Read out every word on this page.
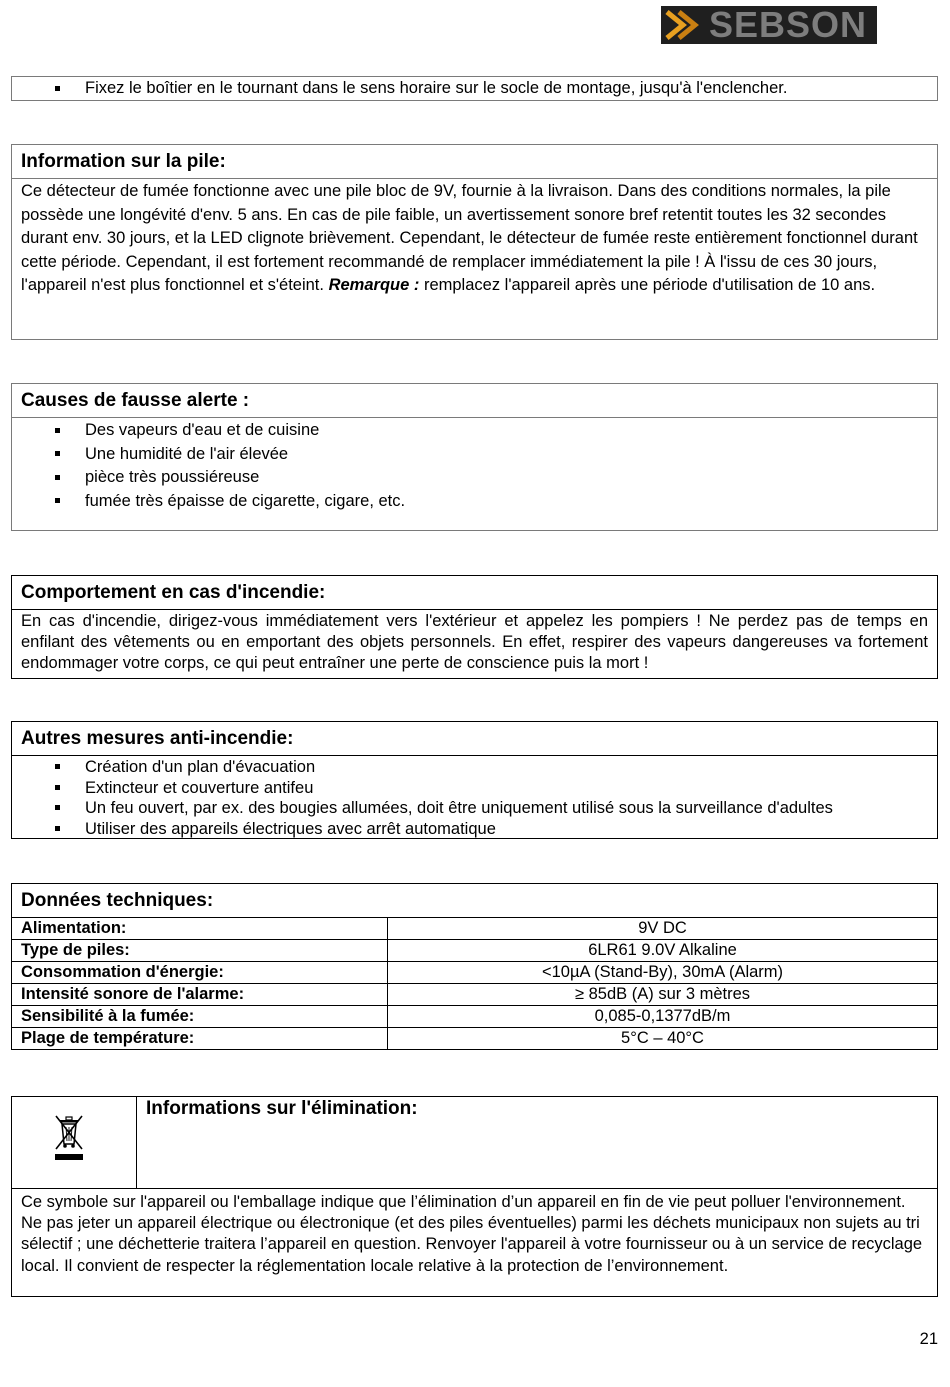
SEBSON
Fixez le boîtier en le tournant dans le sens horaire sur le socle de montage, jusqu'à l'enclencher.
Information sur la pile:
Ce détecteur de fumée fonctionne avec une pile bloc de 9V, fournie à la livraison. Dans des conditions normales, la pile possède une longévité d'env. 5 ans. En cas de pile faible, un avertissement sonore bref retentit toutes les 32 secondes durant env. 30 jours, et la LED clignote brièvement. Cependant, le détecteur de fumée reste entièrement fonctionnel durant cette période. Cependant, il est fortement recommandé de remplacer immédiatement la pile ! À l'issu de ces 30 jours, l'appareil n'est plus fonctionnel et s'éteint. Remarque : remplacez l'appareil après une période d'utilisation de 10 ans.
Causes de fausse alerte :
Des vapeurs d'eau et de cuisine
Une humidité de l'air élevée
pièce très poussiéreuse
fumée très épaisse de cigarette, cigare, etc.
Comportement en cas d'incendie:
En cas d'incendie, dirigez-vous immédiatement vers l'extérieur et appelez les pompiers ! Ne perdez pas de temps en enfilant des vêtements ou en emportant des objets personnels. En effet, respirer des vapeurs dangereuses va fortement endommager votre corps, ce qui peut entraîner une perte de conscience puis la mort !
Autres mesures anti-incendie:
Création d'un plan d'évacuation
Extincteur et couverture antifeu
Un feu ouvert, par ex. des bougies allumées, doit être uniquement utilisé sous la surveillance d'adultes
Utiliser des appareils électriques avec arrêt automatique
Données techniques:
Alimentation:	9V DC
Type de piles:	6LR61 9.0V Alkaline
Consommation d'énergie:	<10µA (Stand-By), 30mA (Alarm)
Intensité sonore de l'alarme:	≥ 85dB (A) sur 3 mètres
Sensibilité à la fumée:	0,085-0,1377dB/m
Plage de température:	5°C – 40°C
Informations sur l'élimination:
Ce symbole sur l'appareil ou l'emballage indique que l’élimination d’un appareil en fin de vie peut polluer l'environnement. Ne pas jeter un appareil électrique ou électronique (et des piles éventuelles) parmi les déchets municipaux non sujets au tri sélectif ; une déchetterie traitera l’appareil en question. Renvoyer l'appareil à votre fournisseur ou à un service de recyclage local. Il convient de respecter la réglementation locale relative à la protection de l’environnement.
21
